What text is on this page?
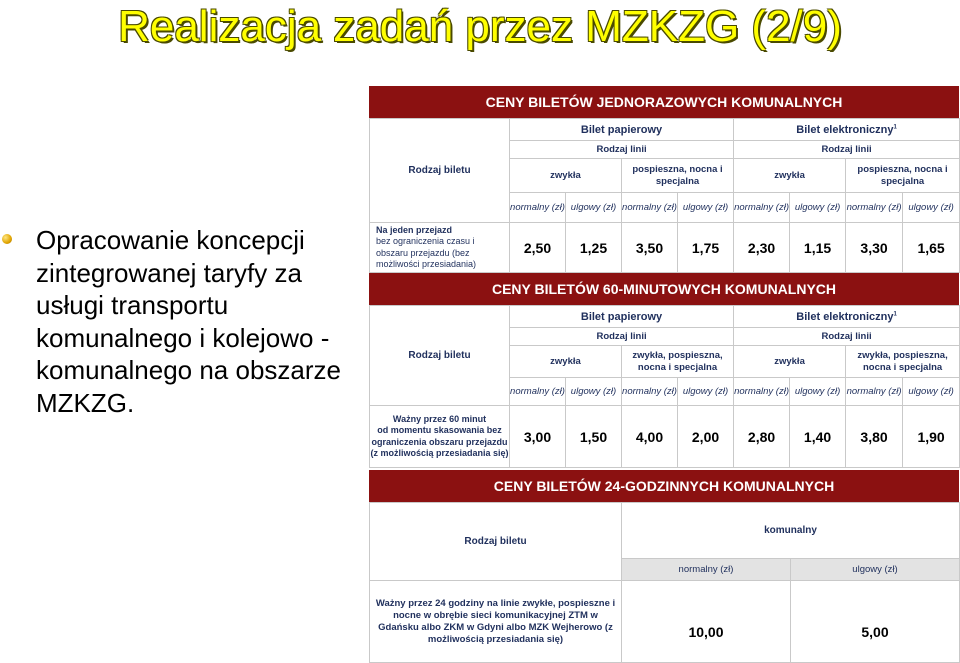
Realizacja zadań przez MZKZG (2/9)
Opracowanie koncepcji zintegrowanej taryfy za usługi transportu komunalnego i kolejowo - komunalnego na obszarze MZKZG.
CENY BILETÓW JEDNORAZOWYCH KOMUNALNYCH
Rodzaj biletu	Bilet papierowy				Bilet elektroniczny$^1$
	Rodzaj linii				Rodzaj linii			
	zwykła		pospieszna, nocna i specjalna		zwykła		pospieszna, nocna i specjalna	
	normalny (zł)	ulgowy (zł)	normalny (zł)	ulgowy (zł)	normalny (zł)	ulgowy (zł)	normalny (zł)	ulgowy (zł)
Na jeden przejazd
bez ograniczenia czasu i obszaru przejazdu (bez możliwości przesiadania)	2,50	1,25	3,50	1,75	2,30	1,15	3,30	1,65
CENY BILETÓW 60-MINUTOWYCH KOMUNALNYCH
Rodzaj biletu	Bilet papierowy				Bilet elektroniczny$^1$
	Rodzaj linii				Rodzaj linii			
	zwykła		zwykła, pospieszna, nocna i specjalna		zwykła		zwykła, pospieszna, nocna i specjalna	
	normalny (zł)	ulgowy (zł)	normalny (zł)	ulgowy (zł)	normalny (zł)	ulgowy (zł)	normalny (zł)	ulgowy (zł)
Ważny przez 60 minut
od momentu skasowania bez ograniczenia obszaru przejazdu (z możliwością przesiadania się)	3,00	1,50	4,00	2,00	2,80	1,40	3,80	1,90
CENY BILETÓW 24-GODZINNYCH KOMUNALNYCH
Rodzaj biletu	komunalny	
	normalny (zł)	ulgowy (zł)
Ważny przez 24 godziny na linie zwykłe, pospieszne i nocne w obrębie sieci komunikacyjnej ZTM w Gdańsku albo ZKM w Gdyni albo MZK Wejherowo (z możliwością przesiadania się)	10,00	5,00
